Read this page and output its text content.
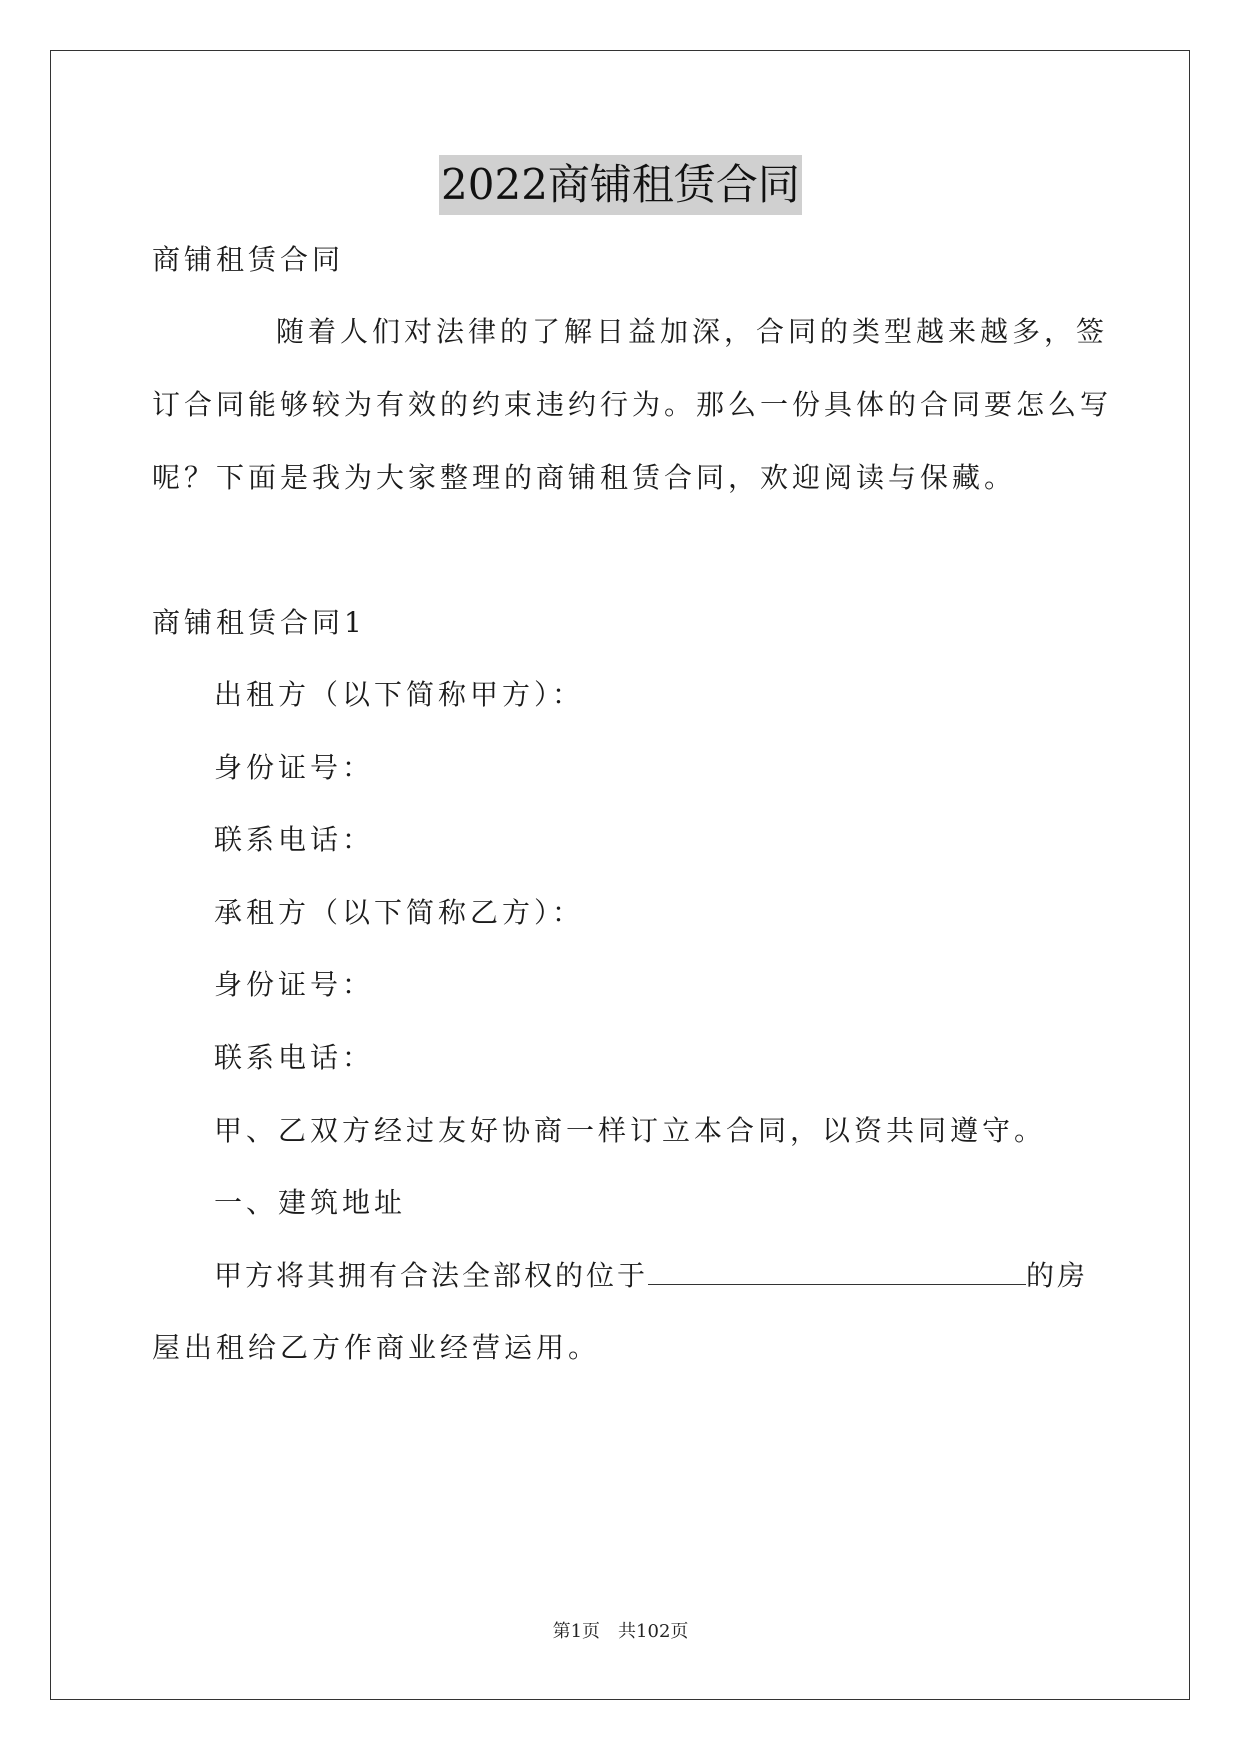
2022商铺租赁合同
商铺租赁合同
随着人们对法律的了解日益加深，合同的类型越来越多，签
订合同能够较为有效的约束违约行为。那么一份具体的合同要怎么写
呢？下面是我为大家整理的商铺租赁合同，欢迎阅读与保藏。
商铺租赁合同1
出租方（以下简称甲方）：
身份证号：
联系电话：
承租方（以下简称乙方）：
身份证号：
联系电话：
甲、乙双方经过友好协商一样订立本合同，以资共同遵守。
一、建筑地址
甲方将其拥有合法全部权的位于	的房
屋出租给乙方作商业经营运用。
第1页 共102页
